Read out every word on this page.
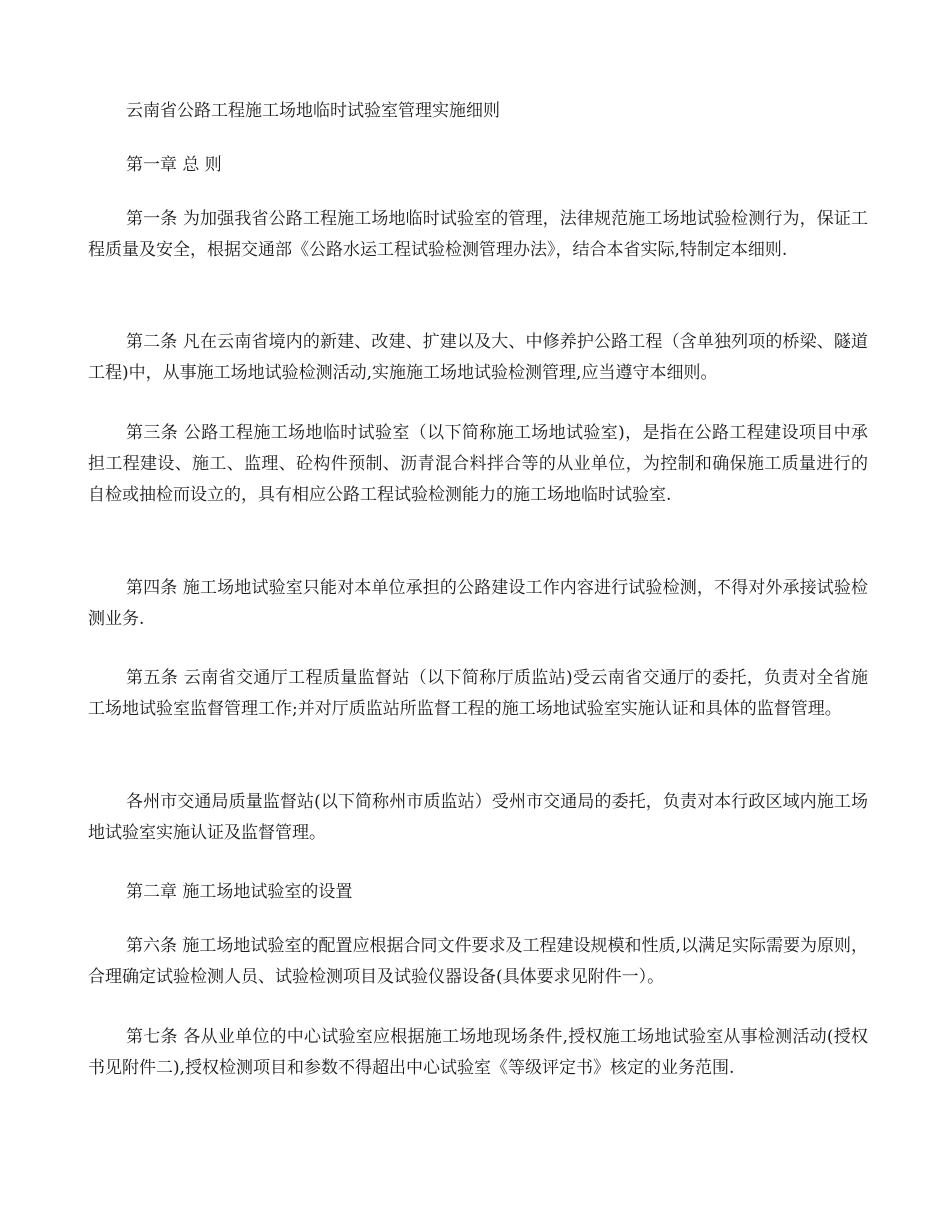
云南省公路工程施工场地临时试验室管理实施细则

第一章 总 则

第一条 为加强我省公路工程施工场地临时试验室的管理，法律规范施工场地试验检测行为，保证工程质量及安全，根据交通部《公路水运工程试验检测管理办法》，结合本省实际,特制定本细则.

第二条 凡在云南省境内的新建、改建、扩建以及大、中修养护公路工程（含单独列项的桥梁、隧道工程)中，从事施工场地试验检测活动,实施施工场地试验检测管理,应当遵守本细则。

第三条 公路工程施工场地临时试验室（以下简称施工场地试验室)，是指在公路工程建设项目中承担工程建设、施工、监理、砼构件预制、沥青混合料拌合等的从业单位，为控制和确保施工质量进行的自检或抽检而设立的，具有相应公路工程试验检测能力的施工场地临时试验室.

第四条 施工场地试验室只能对本单位承担的公路建设工作内容进行试验检测，不得对外承接试验检测业务.

第五条 云南省交通厅工程质量监督站（以下简称厅质监站)受云南省交通厅的委托，负责对全省施工场地试验室监督管理工作;并对厅质监站所监督工程的施工场地试验室实施认证和具体的监督管理。

各州市交通局质量监督站(以下简称州市质监站）受州市交通局的委托，负责对本行政区域内施工场地试验室实施认证及监督管理。

第二章 施工场地试验室的设置

第六条 施工场地试验室的配置应根据合同文件要求及工程建设规模和性质,以满足实际需要为原则，合理确定试验检测人员、试验检测项目及试验仪器设备(具体要求见附件一）。

第七条 各从业单位的中心试验室应根据施工场地现场条件,授权施工场地试验室从事检测活动(授权书见附件二),授权检测项目和参数不得超出中心试验室《等级评定书》核定的业务范围.
